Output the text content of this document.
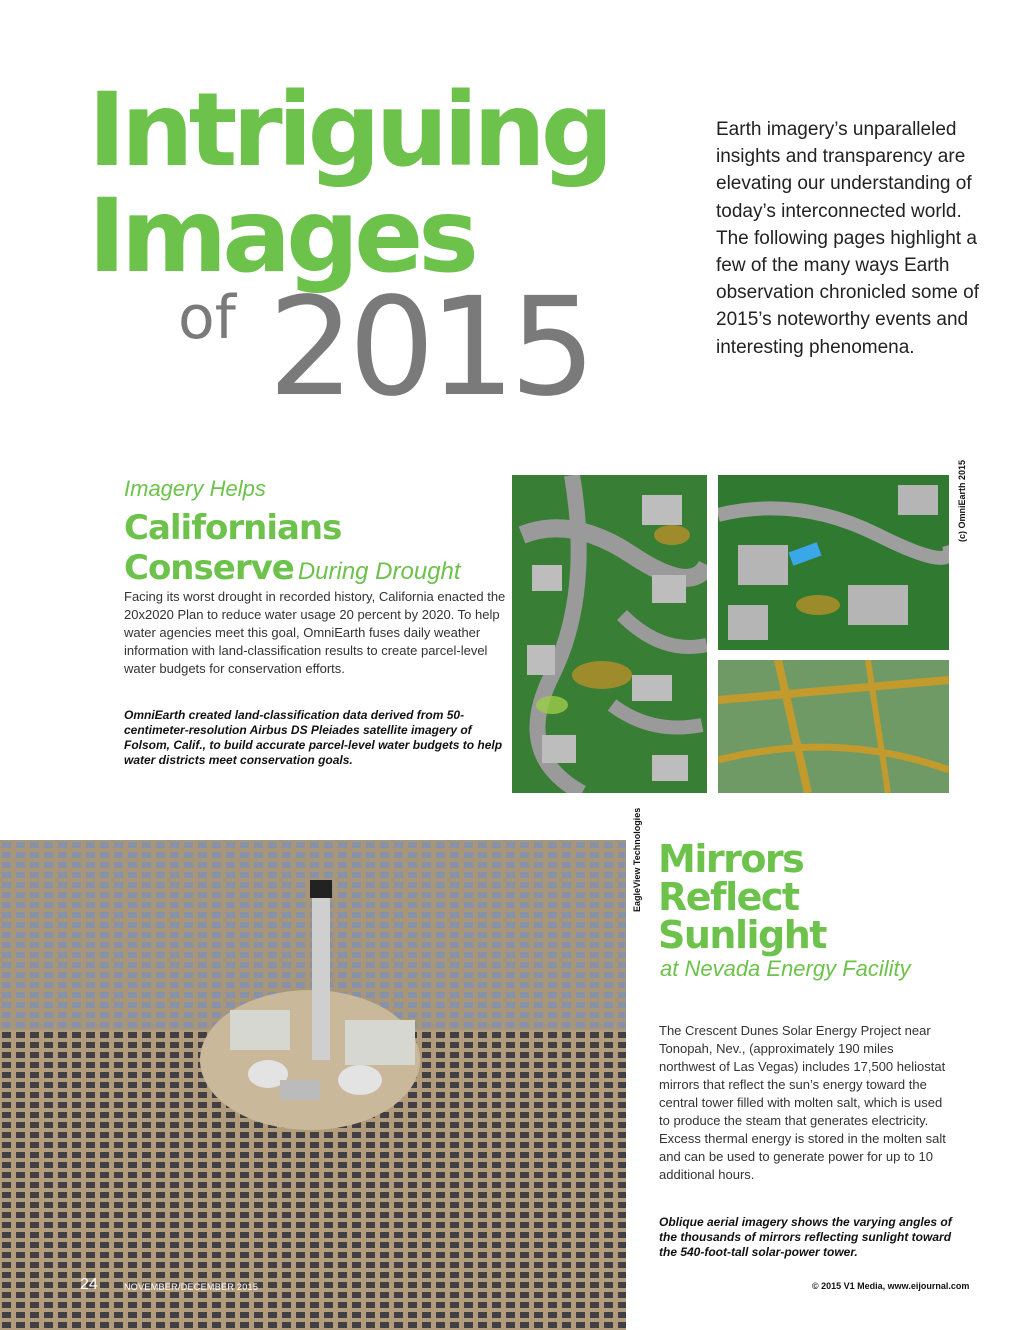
Intriguing
Images
of 2015
Earth imagery’s unparalleled insights and transparency are elevating our understanding of today’s interconnected world. The following pages highlight a few of the many ways Earth observation chronicled some of 2015’s noteworthy events and interesting phenomena.
Imagery Helps
Californians
Conserve During Drought
Facing its worst drought in recorded history, California enacted the 20x2020 Plan to reduce water usage 20 percent by 2020. To help water agencies meet this goal, OmniEarth fuses daily weather information with land-classification results to create parcel-level water budgets for conservation efforts.
OmniEarth created land-classification data derived from 50-centimeter-resolution Airbus DS Pleiades satellite imagery of Folsom, Calif., to build accurate parcel-level water budgets to help water districts meet conservation goals.
(c) OmniEarth 2015
EagleView Technologies Mirrors
Reflect
Sunlight
at Nevada Energy Facility
The Crescent Dunes Solar Energy Project near Tonopah, Nev., (approximately 190 miles northwest of Las Vegas) includes 17,500 heliostat mirrors that reflect the sun’s energy toward the central tower filled with molten salt, which is used to produce the steam that generates electricity. Excess thermal energy is stored in the molten salt and can be used to generate power for up to 10 additional hours.
Oblique aerial imagery shows the varying angles of the thousands of mirrors reflecting sunlight toward the 540-foot-tall solar-power tower.
24	NOVEMBER/DECEMBER 2015	© 2015 V1 Media, www.eijournal.com
